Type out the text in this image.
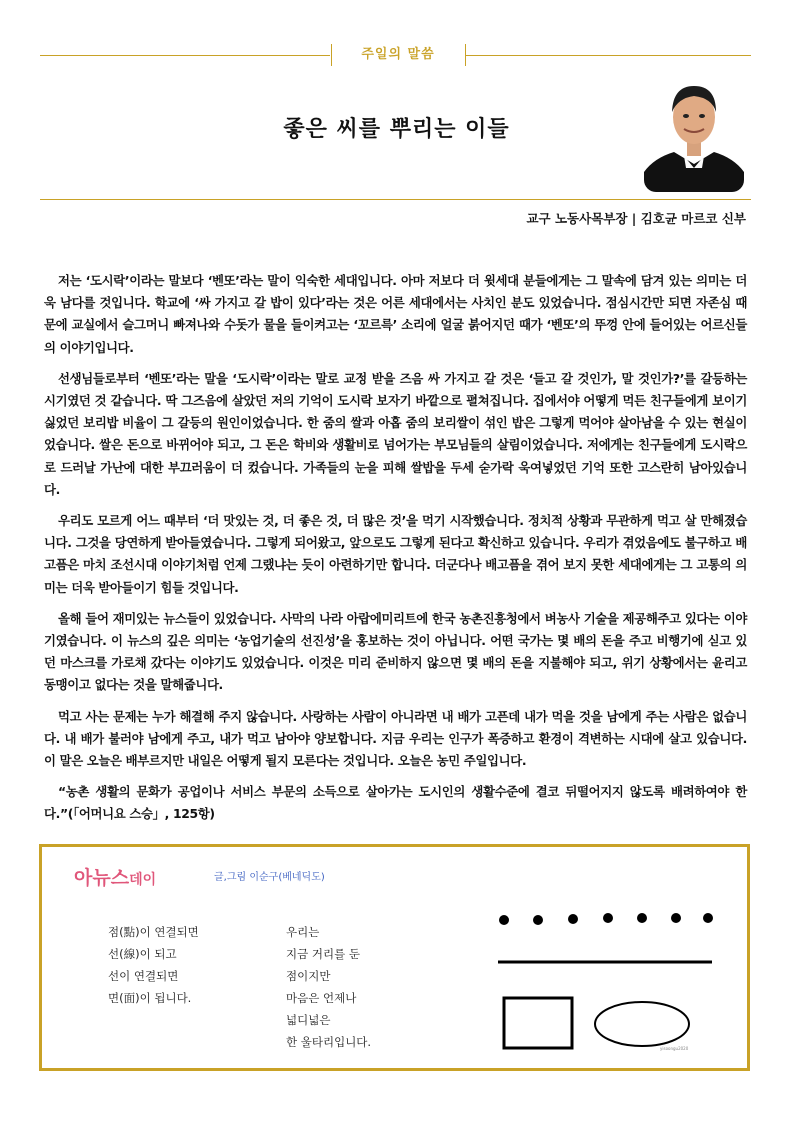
주일의 말씀
좋은 씨를 뿌리는 이들
교구 노동사목부장 | 김호균 마르코 신부

저는 ‘도시락’이라는 말보다 ‘벤또’라는 말이 익숙한 세대입니다. 아마 저보다 더 윗세대 분들에게는 그 말속에 담겨 있는 의미는 더욱 남다를 것입니다. 학교에 ‘싸 가지고 갈 밥이 있다’라는 것은 어른 세대에서는 사치인 분도 있었습니다. 점심시간만 되면 자존심 때문에 교실에서 슬그머니 빠져나와 수돗가 물을 들이켜고는 ‘꼬르륵’ 소리에 얼굴 붉어지던 때가 ‘벤또’의 뚜껑 안에 들어있는 어르신들의 이야기입니다.

선생님들로부터 ‘벤또’라는 말을 ‘도시락’이라는 말로 교정 받을 즈음 싸 가지고 갈 것은 ‘들고 갈 것인가, 말 것인가?’를 갈등하는 시기였던 것 같습니다. 딱 그즈음에 살았던 저의 기억이 도시락 보자기 바깥으로 펼쳐집니다. 집에서야 어떻게 먹든 친구들에게 보이기 싫었던 보리밥 비율이 그 갈등의 원인이었습니다. 한 줌의 쌀과 아홉 줌의 보리쌀이 섞인 밥은 그렇게 먹어야 살아남을 수 있는 현실이었습니다. 쌀은 돈으로 바뀌어야 되고, 그 돈은 학비와 생활비로 넘어가는 부모님들의 살림이었습니다. 저에게는 친구들에게 도시락으로 드러날 가난에 대한 부끄러움이 더 컸습니다. 가족들의 눈을 피해 쌀밥을 두세 숟가락 욱여넣었던 기억 또한 고스란히 남아있습니다.

우리도 모르게 어느 때부터 ‘더 맛있는 것, 더 좋은 것, 더 많은 것’을 먹기 시작했습니다. 정치적 상황과 무관하게 먹고 살 만해졌습니다. 그것을 당연하게 받아들였습니다. 그렇게 되어왔고, 앞으로도 그렇게 된다고 확신하고 있습니다. 우리가 겪었음에도 불구하고 배고픔은 마치 조선시대 이야기처럼 언제 그랬냐는 듯이 아련하기만 합니다. 더군다나 배고픔을 겪어 보지 못한 세대에게는 그 고통의 의미는 더욱 받아들이기 힘들 것입니다.

올해 들어 재미있는 뉴스들이 있었습니다. 사막의 나라 아랍에미리트에 한국 농촌진흥청에서 벼농사 기술을 제공해주고 있다는 이야기였습니다. 이 뉴스의 깊은 의미는 ‘농업기술의 선진성’을 홍보하는 것이 아닙니다. 어떤 국가는 몇 배의 돈을 주고 비행기에 싣고 있던 마스크를 가로채 갔다는 이야기도 있었습니다. 이것은 미리 준비하지 않으면 몇 배의 돈을 지불해야 되고, 위기 상황에서는 윤리고 동맹이고 없다는 것을 말해줍니다.

먹고 사는 문제는 누가 해결해 주지 않습니다. 사랑하는 사람이 아니라면 내 배가 고픈데 내가 먹을 것을 남에게 주는 사람은 없습니다. 내 배가 불러야 남에게 주고, 내가 먹고 남아야 양보합니다. 지금 우리는 인구가 폭증하고 환경이 격변하는 시대에 살고 있습니다. 이 말은 오늘은 배부르지만 내일은 어떻게 될지 모른다는 것입니다. 오늘은 농민 주일입니다.

“농촌 생활의 문화가 공업이나 서비스 부문의 소득으로 살아가는 도시인의 생활수준에 결코 뒤떨어지지 않도록 배려하여야 한다.”(「어머니요 스승」, 125항)

아뉴스데이	글,그림 이순구(베네딕도)
점(點)이 연결되면
선(線)이 되고
선이 연결되면
면(面)이 됩니다.
우리는
지금 거리를 둔
점이지만
마음은 언제나
넓디넓은
한 울타리입니다.	yisoongu2020
